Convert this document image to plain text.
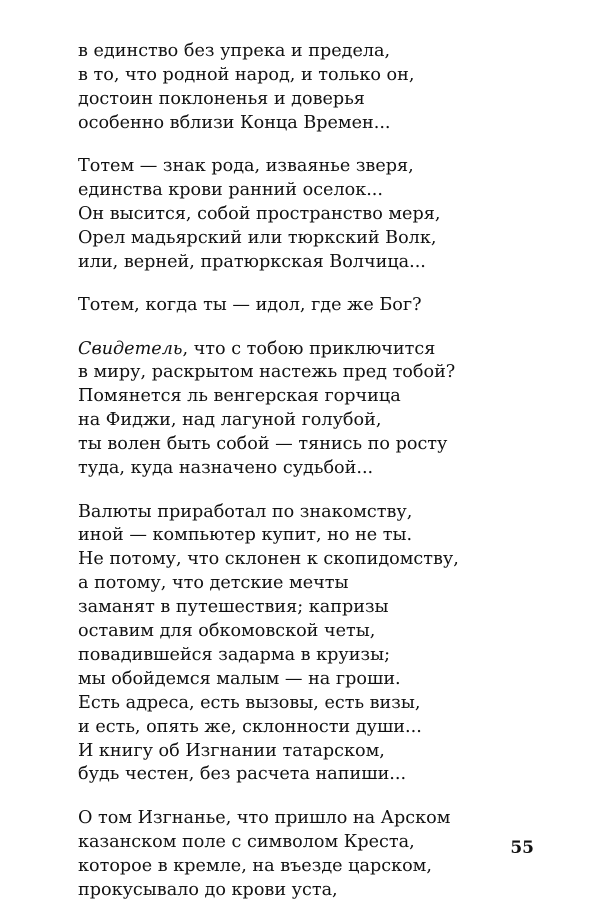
в единство без упрека и предела,
в то, что родной народ, и только он,
достоин поклоненья и доверья
особенно вблизи Конца Времен...
Тотем — знак рода, изваянье зверя,
единства крови ранний оселок...
Он высится, собой пространство меря,
Орел мадьярский или тюркский Волк,
или, верней, пратюркская Волчица...
Тотем, когда ты — идол, где же Бог?
Свидетель, что с тобою приключится
в миру, раскрытом настежь пред тобой?
Помянется ль венгерская горчица
на Фиджи, над лагуной голубой,
ты волен быть собой — тянись по росту
туда, куда назначено судьбой...
Валюты приработал по знакомству,
иной — компьютер купит, но не ты.
Не потому, что склонен к скопидомству,
а потому, что детские мечты
заманят в путешествия; капризы
оставим для обкомовской четы,
повадившейся задарма в круизы;
мы обойдемся малым — на гроши.
Есть адреса, есть вызовы, есть визы,
и есть, опять же, склонности души...
И книгу об Изгнании татарском,
будь честен, без расчета напиши...
О том Изгнанье, что пришло на Арском
казанском поле с символом Креста,
которое в кремле, на въезде царском,
прокусывало до крови уста,
55
